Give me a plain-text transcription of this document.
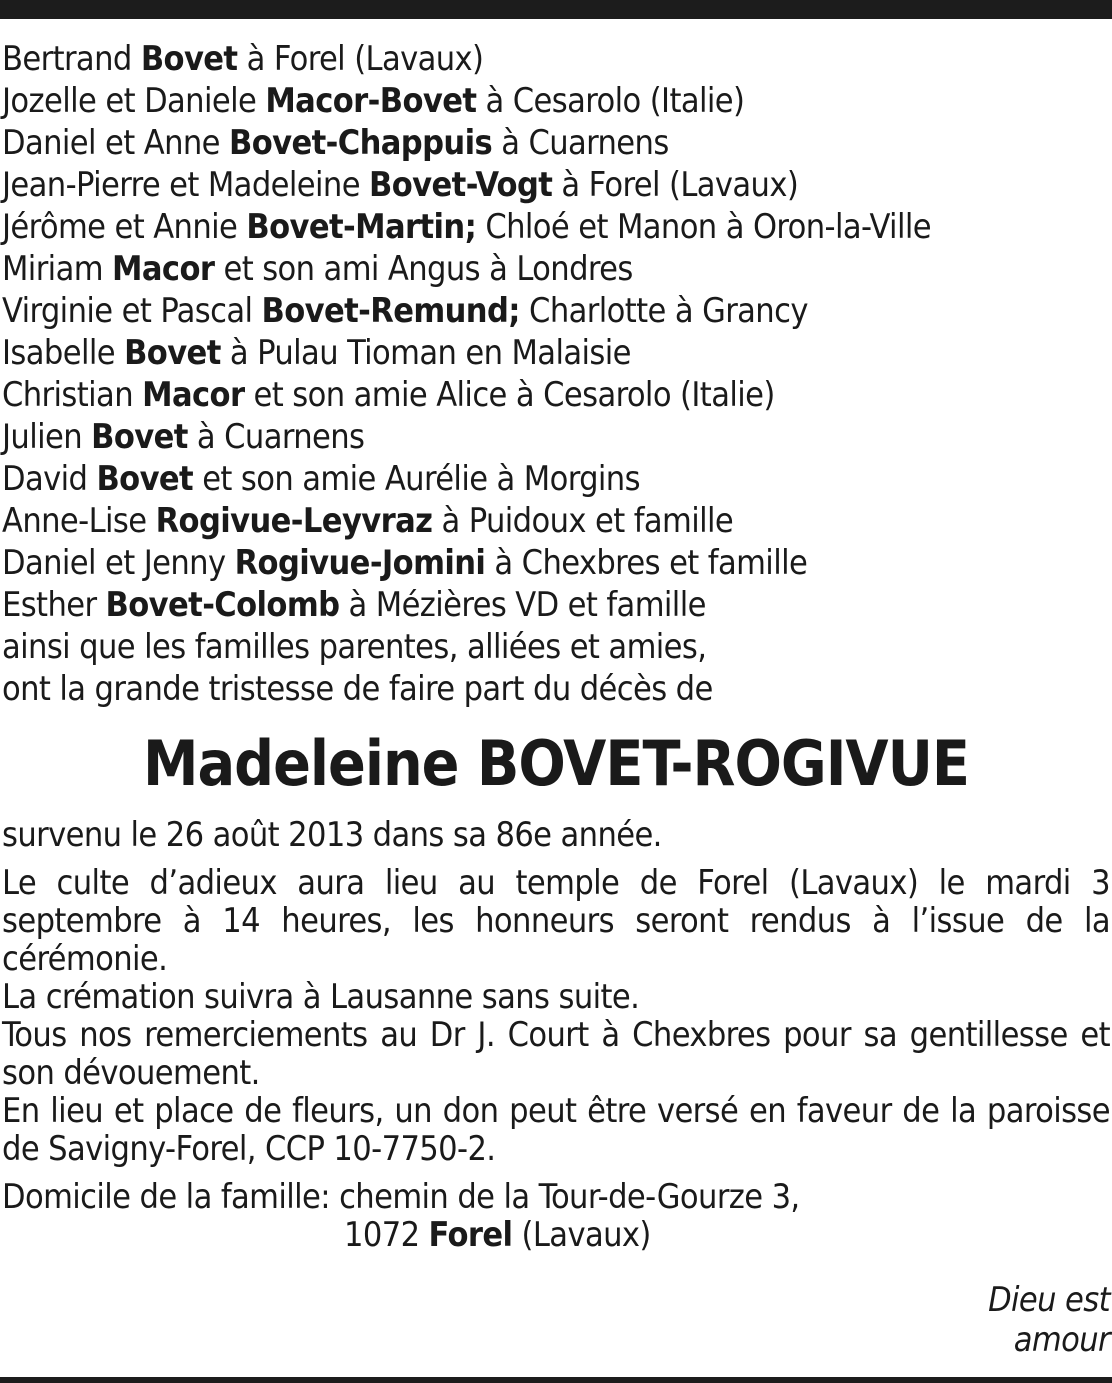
Bertrand Bovet à Forel (Lavaux)
Jozelle et Daniele Macor-Bovet à Cesarolo (Italie)
Daniel et Anne Bovet-Chappuis à Cuarnens
Jean-Pierre et Madeleine Bovet-Vogt à Forel (Lavaux)
Jérôme et Annie Bovet-Martin; Chloé et Manon à Oron-la-Ville
Miriam Macor et son ami Angus à Londres
Virginie et Pascal Bovet-Remund; Charlotte à Grancy
Isabelle Bovet à Pulau Tioman en Malaisie
Christian Macor et son amie Alice à Cesarolo (Italie)
Julien Bovet à Cuarnens
David Bovet et son amie Aurélie à Morgins
Anne-Lise Rogivue-Leyvraz à Puidoux et famille
Daniel et Jenny Rogivue-Jomini à Chexbres et famille
Esther Bovet-Colomb à Mézières VD et famille
ainsi que les familles parentes, alliées et amies,
ont la grande tristesse de faire part du décès de
Madeleine BOVET-ROGIVUE

survenu le 26 août 2013 dans sa 86e année.

Le culte d’adieux aura lieu au temple de Forel (Lavaux) le mardi 3 septembre à 14 heures, les honneurs seront rendus à l’issue de la cérémonie.

La crémation suivra à Lausanne sans suite.

Tous nos remerciements au Dr J. Court à Chexbres pour sa gentillesse et son dévouement.

En lieu et place de fleurs, un don peut être versé en faveur de la paroisse de Savigny-Forel, CCP 10-7750-2.

Domicile de la famille: chemin de la Tour-de-Gourze 3,

1072 Forel (Lavaux)

Dieu est
amour
